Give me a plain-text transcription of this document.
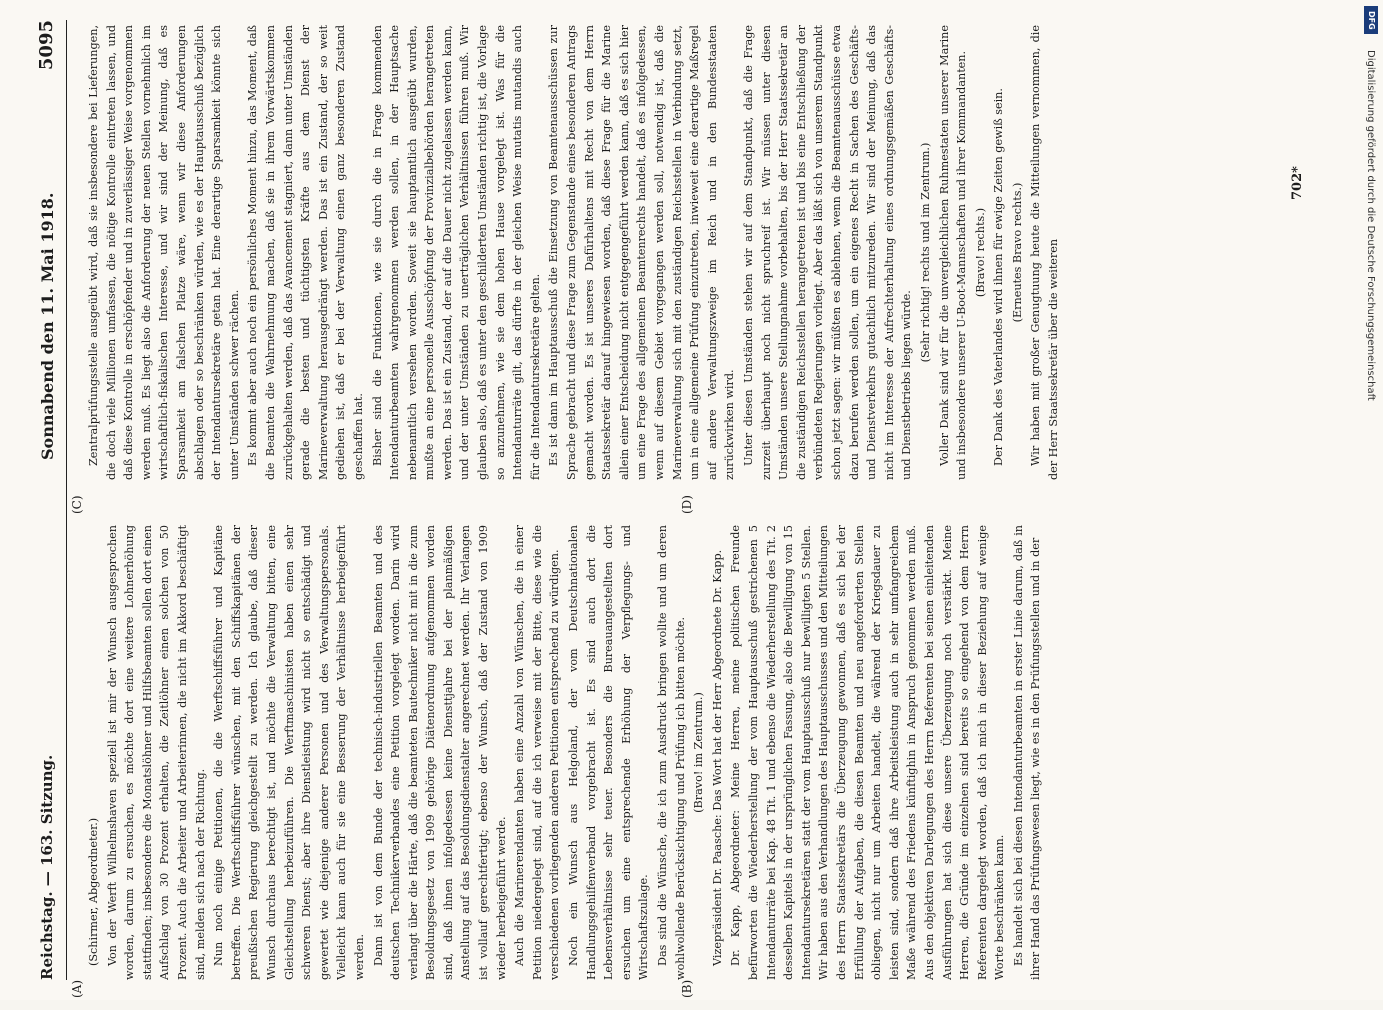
Reichstag. — 163. Sitzung.
Sonnabend den 11. Mai 1918.
5095
(A)	(B)
(C)	(D)

(Schirmer, Abgeordneter.) Von der Werft Wilhelmshaven speziell ist mir der Wunsch ausgesprochen worden, darum zu ersuchen, es möchte dort eine weitere Lohnerhöhung stattfinden; insbesondere die Monatslöhner und Hilfsbeamten sollen dort einen Aufschlag von 30 Prozent erhalten, die Zeitlöhner einen solchen von 50 Prozent. Auch die Arbeiter und Arbeiterinnen, die nicht im Akkord beschäftigt sind, melden sich nach der Richtung. Nun noch einige Petitionen, die die Werftschiffsführer und Kapitäne betreffen. Die Werftschiffsführer wünschen, mit den Schiffskapitänen der preußischen Regierung gleichgestellt zu werden. Ich glaube, daß dieser Wunsch durchaus berechtigt ist, und möchte die Verwaltung bitten, eine Gleichstellung herbeizuführen. Die Werftmaschinisten haben einen sehr schweren Dienst; aber ihre Dienstleistung wird nicht so entschädigt und gewertet wie diejenige anderer Personen und des Verwaltungspersonals. Vielleicht kann auch für sie eine Besserung der Verhältnisse herbeigeführt werden. Dann ist von dem Bunde der technisch-industriellen Beamten und des deutschen Technikerverbandes eine Petition vorgelegt worden. Darin wird verlangt über die Härte, daß die beamteten Bautechniker nicht mit in die zum Besoldungsgesetz von 1909 gehörige Diätenordnung aufgenommen worden sind, daß ihnen infolgedessen keine Diensttjahre bei der planmäßigen Anstellung auf das Besoldungsdienstalter angerechnet werden. Ihr Verlangen ist vollauf gerechtfertigt; ebenso der Wunsch, daß der Zustand von 1909 wieder herbeigeführt werde. Auch die Marinerendanten haben eine Anzahl von Wünschen, die in einer Petition niedergelegt sind, auf die ich verweise mit der Bitte, diese wie die verschiedenen vorliegenden anderen Petitionen entsprechend zu würdigen. Noch ein Wunsch aus Helgoland, der vom Deutschnationalen Handlungsgehilfenverband vorgebracht ist. Es sind auch dort die Lebensverhältnisse sehr teuer. Besonders die Bureauangestellten dort ersuchen um eine entsprechende Erhöhung der Verpflegungs- und Wirtschaftszulage. Das sind die Wünsche, die ich zum Ausdruck bringen wollte und um deren wohlwollende Berücksichtigung und Prüfung ich bitten möchte. (Bravo! im Zentrum.) Vizepräsident Dr. Paasche: Das Wort hat der Herr Abgeordnete Dr. Kapp. Dr. Kapp, Abgeordneter: Meine Herren, meine politischen Freunde befürworten die Wiederherstellung der vom Hauptausschuß gestrichenen 5 Intendanturräte bei Kap. 48 Tit. 1 und ebenso die Wiederherstellung des Tit. 2 desselben Kapitels in der ursprünglichen Fassung, also die Bewilligung von 15 Intendantursekretären statt der vom Hauptausschuß nur bewilligten 5 Stellen. Wir haben aus den Verhandlungen des Hauptausschusses und den Mitteilungen des Herrn Staatssekretärs die Überzeugung gewonnen, daß es sich bei der Erfüllung der Aufgaben, die diesen Beamten und neu angeforderten Stellen obliegen, nicht nur um Arbeiten handelt, die während der Kriegsdauer zu leisten sind, sondern daß ihre Arbeitsleistung auch in sehr umfangreichem Maße während des Friedens künftighin in Anspruch genommen werden muß. Aus den objektiven Darlegungen des Herrn Referenten bei seinen einleitenden Ausführungen hat sich diese unsere Überzeugung noch verstärkt. Meine Herren, die Gründe im einzelnen sind bereits so eingehend von dem Herrn Referenten dargelegt worden, daß ich mich in dieser Beziehung auf wenige Worte beschränken kann. Es handelt sich bei diesen Intendanturbeamten in erster Linie darum, daß in ihrer Hand das Prüfungswesen liegt, wie es in den Prüfungsstellen und in der

Zentralprüfungsstelle ausgeübt wird, daß sie insbesondere bei Lieferungen, die doch viele Millionen umfassen, die nötige Kontrolle eintreten lassen, und daß diese Kontrolle in erschöpfender und in zuverlässiger Weise vorgenommen werden muß. Es liegt also die Anforderung der neuen Stellen vornehmlich im wirtschaftlich-fiskalischen Interesse, und wir sind der Meinung, daß es Sparsamkeit am falschen Platze wäre, wenn wir diese Anforderungen abschlagen oder so beschränken würden, wie es der Hauptausschuß bezüglich der Intendantursekretäre getan hat. Eine derartige Sparsamkeit könnte sich unter Umständen schwer rächen. Es kommt aber auch noch ein persönliches Moment hinzu, das Moment, daß die Beamten die Wahrnehmung machen, daß sie in ihrem Vorwärtskommen zurückgehalten werden, daß das Avancement stagniert, dann unter Umständen gerade die besten und tüchtigsten Kräfte aus dem Dienst der Marineverwaltung herausgedrängt werden. Das ist ein Zustand, der so weit gediehen ist, daß er bei der Verwaltung einen ganz besonderen Zustand geschaffen hat. Bisher sind die Funktionen, wie sie durch die in Frage kommenden Intendanturbeamten wahrgenommen werden sollen, in der Hauptsache nebenamtlich versehen worden. Soweit sie hauptamtlich ausgeübt wurden, mußte an eine personelle Ausschöpfung der Provinzialbehörden herangetreten werden. Das ist ein Zustand, der auf die Dauer nicht zugelassen werden kann, und der unter Umständen zu unerträglichen Verhältnissen führen muß. Wir glauben also, daß es unter den geschilderten Umständen richtig ist, die Vorlage so anzunehmen, wie sie dem hohen Hause vorgelegt ist. Was für die Intendanturräte gilt, das dürfte in der gleichen Weise mutatis mutandis auch für die Intendantursekretäre gelten. Es ist dann im Hauptausschuß die Einsetzung von Beamtenausschüssen zur Sprache gebracht und diese Frage zum Gegenstande eines besonderen Antrags gemacht worden. Es ist unseres Dafürhaltens mit Recht von dem Herrn Staatssekretär darauf hingewiesen worden, daß diese Frage für die Marine allein einer Entscheidung nicht entgegengeführt werden kann, daß es sich hier um eine Frage des allgemeinen Beamtenrechts handelt, daß es infolgedessen, wenn auf diesem Gebiet vorgegangen werden soll, notwendig ist, daß die Marineverwaltung sich mit den zuständigen Reichsstellen in Verbindung setzt, um in eine allgemeine Prüfung einzutreten, inwieweit eine derartige Maßregel auf andere Verwaltungszweige im Reich und in den Bundesstaaten zurückwirken wird. Unter diesen Umständen stehen wir auf dem Standpunkt, daß die Frage zurzeit überhaupt noch nicht spruchreif ist. Wir müssen unter diesen Umständen unsere Stellungnahme vorbehalten, bis der Herr Staatssekretär an die zuständigen Reichsstellen herangetreten ist und bis eine Entschließung der verbündeten Regierungen vorliegt. Aber das läßt sich von unserem Standpunkt schon jetzt sagen: wir müßten es ablehnen, wenn die Beamtenausschüsse etwa dazu berufen werden sollen, um ein eigenes Recht in Sachen des Geschäfts- und Dienstverkehrs gutachtlich mitzureden. Wir sind der Meinung, daß das nicht im Interesse der Aufrechterhaltung eines ordnungsgemäßen Geschäfts- und Dienstbetriebs liegen würde.

(Sehr richtig! rechts und im Zentrum.) Voller Dank sind wir für die unvergleichlichen Ruhmestaten unserer Marine und insbesondere unserer U-Boot-Mannschaften und ihrer Kommandanten. (Bravo! rechts.) Der Dank des Vaterlandes wird ihnen für ewige Zeiten gewiß sein. (Erneutes Bravo rechts.) Wir haben mit großer Genugtuung heute die Mitteilungen vernommen, die der Herr Staatssekretär über die weiteren

702*
DFG
Digitalisierung gefördert durch die Deutsche Forschungsgemeinschaft
